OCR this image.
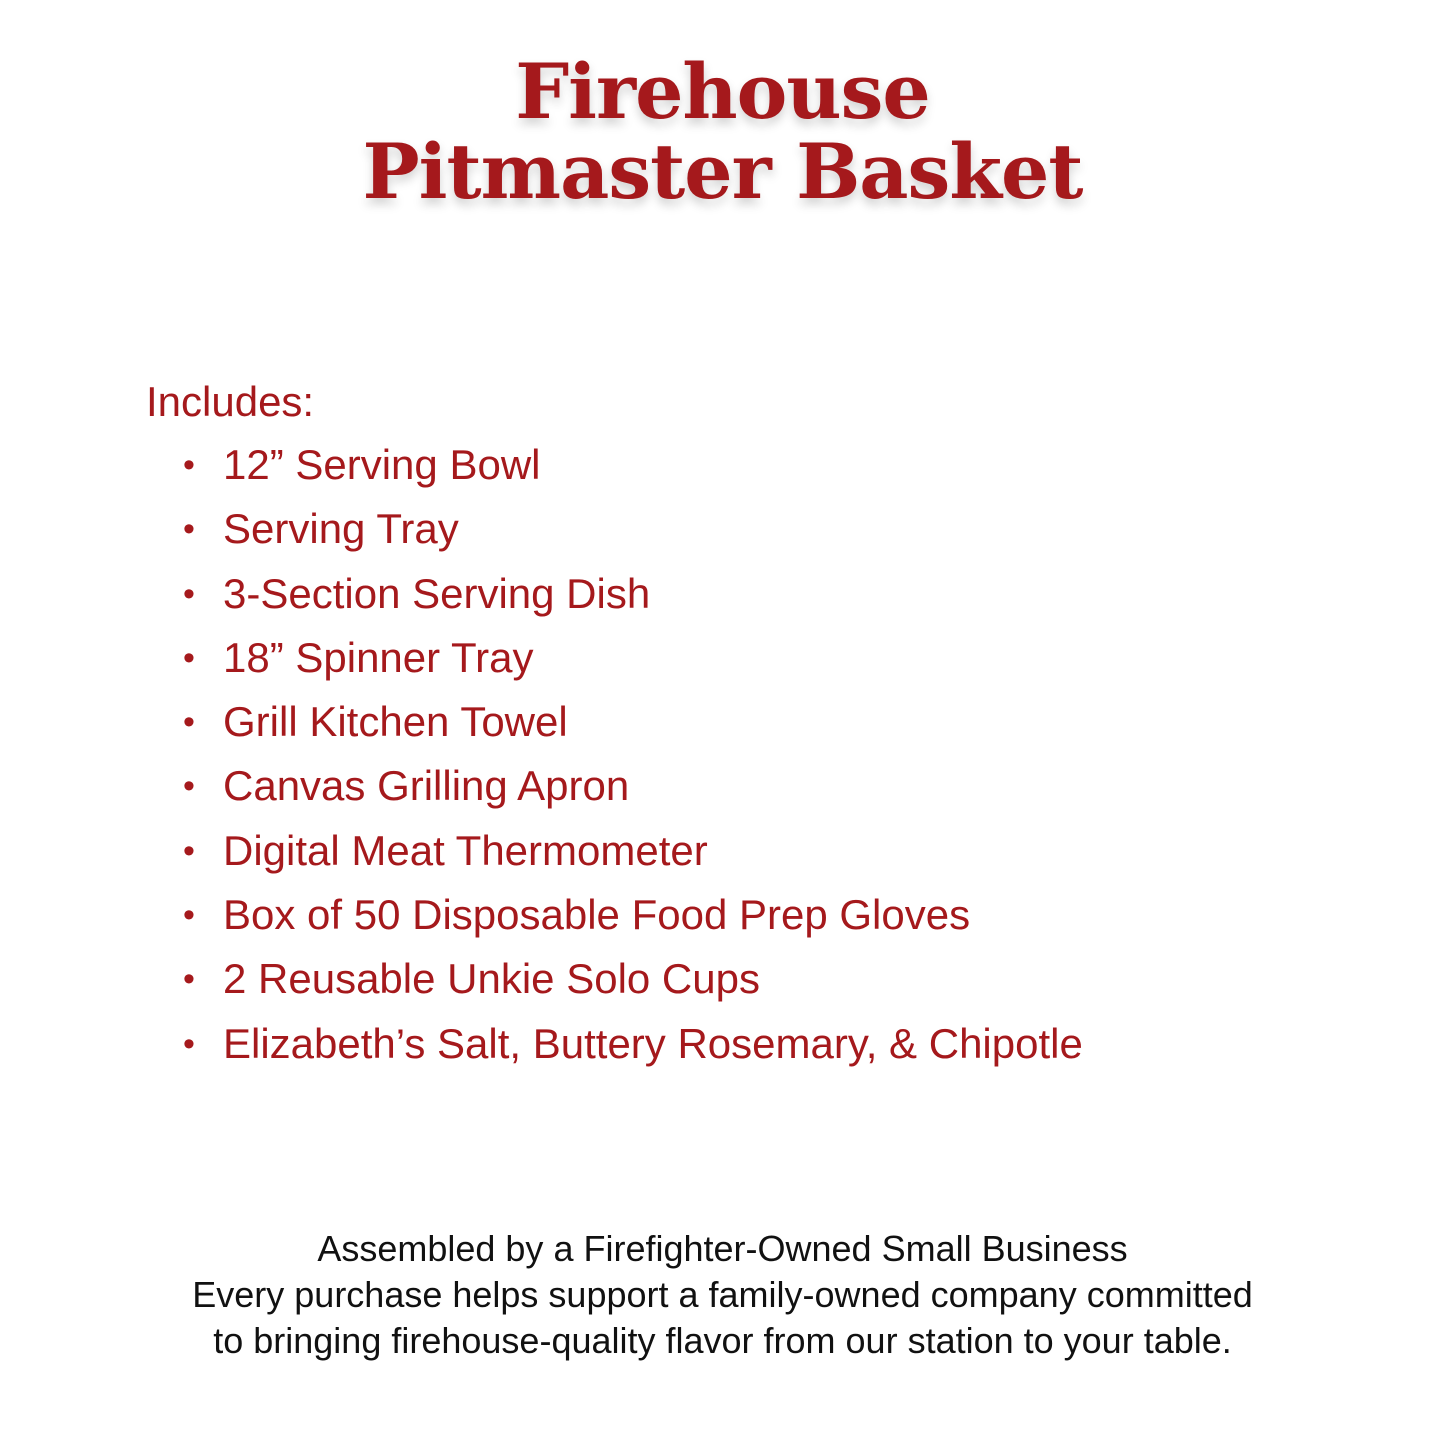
Firehouse
Pitmaster Basket

Includes:

• 12” Serving Bowl
• Serving Tray
• 3-Section Serving Dish
• 18” Spinner Tray
• Grill Kitchen Towel
• Canvas Grilling Apron
• Digital Meat Thermometer
• Box of 50 Disposable Food Prep Gloves
• 2 Reusable Unkie Solo Cups
• Elizabeth’s Salt, Buttery Rosemary, & Chipotle
Assembled by a Firefighter-Owned Small Business
Every purchase helps support a family-owned company committed
to bringing firehouse-quality flavor from our station to your table.
